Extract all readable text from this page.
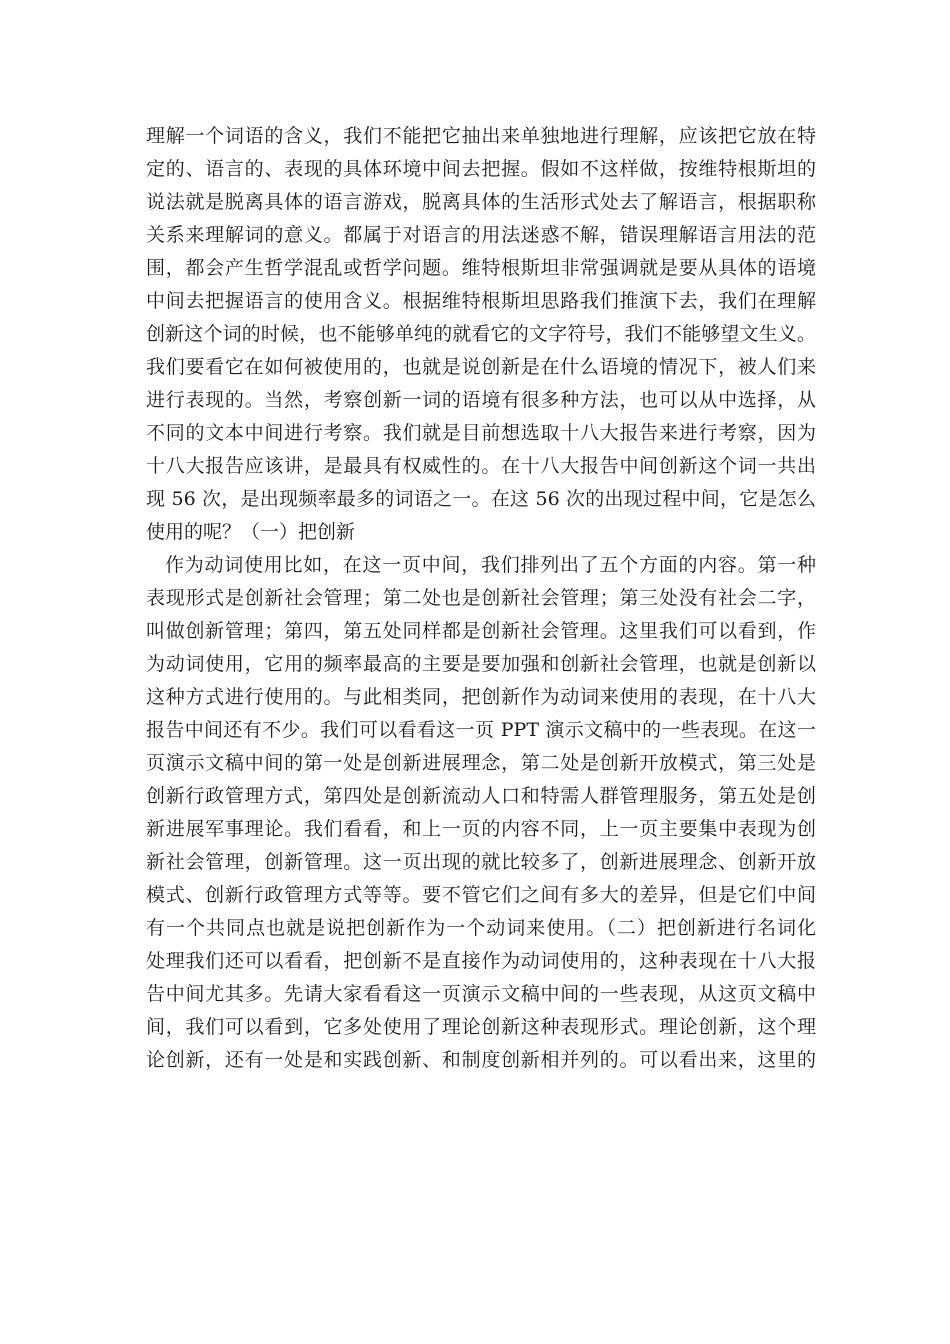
理解一个词语的含义，我们不能把它抽出来单独地进行理解，应该把它放在特
定的、语言的、表现的具体环境中间去把握。假如不这样做，按维特根斯坦的
说法就是脱离具体的语言游戏，脱离具体的生活形式处去了解语言，根据职称
关系来理解词的意义。都属于对语言的用法迷惑不解，错误理解语言用法的范
围，都会产生哲学混乱或哲学问题。维特根斯坦非常强调就是要从具体的语境
中间去把握语言的使用含义。根据维特根斯坦思路我们推演下去，我们在理解
创新这个词的时候，也不能够单纯的就看它的文字符号，我们不能够望文生义。
我们要看它在如何被使用的，也就是说创新是在什么语境的情况下，被人们来
进行表现的。当然，考察创新一词的语境有很多种方法，也可以从中选择，从
不同的文本中间进行考察。我们就是目前想选取十八大报告来进行考察，因为
十八大报告应该讲，是最具有权威性的。在十八大报告中间创新这个词一共出
现 56 次，是出现频率最多的词语之一。在这 56 次的出现过程中间，它是怎么
使用的呢？（一）把创新
作为动词使用比如，在这一页中间，我们排列出了五个方面的内容。第一种
表现形式是创新社会管理；第二处也是创新社会管理；第三处没有社会二字，
叫做创新管理；第四，第五处同样都是创新社会管理。这里我们可以看到，作
为动词使用，它用的频率最高的主要是要加强和创新社会管理，也就是创新以
这种方式进行使用的。与此相类同，把创新作为动词来使用的表现，在十八大
报告中间还有不少。我们可以看看这一页 PPT 演示文稿中的一些表现。在这一
页演示文稿中间的第一处是创新进展理念，第二处是创新开放模式，第三处是
创新行政管理方式，第四处是创新流动人口和特需人群管理服务，第五处是创
新进展军事理论。我们看看，和上一页的内容不同，上一页主要集中表现为创
新社会管理，创新管理。这一页出现的就比较多了，创新进展理念、创新开放
模式、创新行政管理方式等等。要不管它们之间有多大的差异，但是它们中间
有一个共同点也就是说把创新作为一个动词来使用。（二）把创新进行名词化
处理我们还可以看看，把创新不是直接作为动词使用的，这种表现在十八大报
告中间尤其多。先请大家看看这一页演示文稿中间的一些表现，从这页文稿中
间，我们可以看到，它多处使用了理论创新这种表现形式。理论创新，这个理
论创新，还有一处是和实践创新、和制度创新相并列的。可以看出来，这里的
